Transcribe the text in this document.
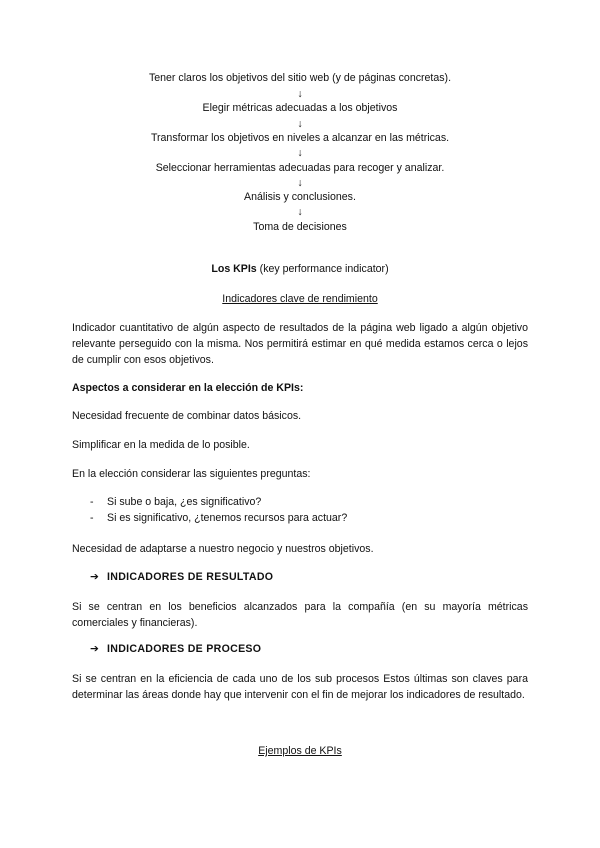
Tener claros los objetivos del sitio web (y de páginas concretas).
↓
Elegir métricas adecuadas a los objetivos
↓
Transformar los objetivos en niveles a alcanzar en las métricas.
↓
Seleccionar herramientas adecuadas para recoger y analizar.
↓
Análisis y conclusiones.
↓
Toma de decisiones
Los KPIs (key performance indicator)
Indicadores clave de rendimiento
Indicador cuantitativo de algún aspecto de resultados de la página web ligado a algún objetivo relevante perseguido con la misma. Nos permitirá estimar en qué medida estamos cerca o lejos de cumplir con esos objetivos.
Aspectos a considerar en la elección de KPIs:
Necesidad frecuente de combinar datos básicos.
Simplificar en la medida de lo posible.
En la elección considerar las siguientes preguntas:
- Si sube o baja, ¿es significativo?
- Si es significativo, ¿tenemos recursos para actuar?
Necesidad de adaptarse a nuestro negocio y nuestros objetivos.
➔ INDICADORES DE RESULTADO
Si se centran en los beneficios alcanzados para la compañía (en su mayoría métricas comerciales y financieras).
➔ INDICADORES DE PROCESO
Si se centran en la eficiencia de cada uno de los sub procesos Estos últimas son claves para determinar las áreas donde hay que intervenir con el fin de mejorar los indicadores de resultado.
Ejemplos de KPIs
